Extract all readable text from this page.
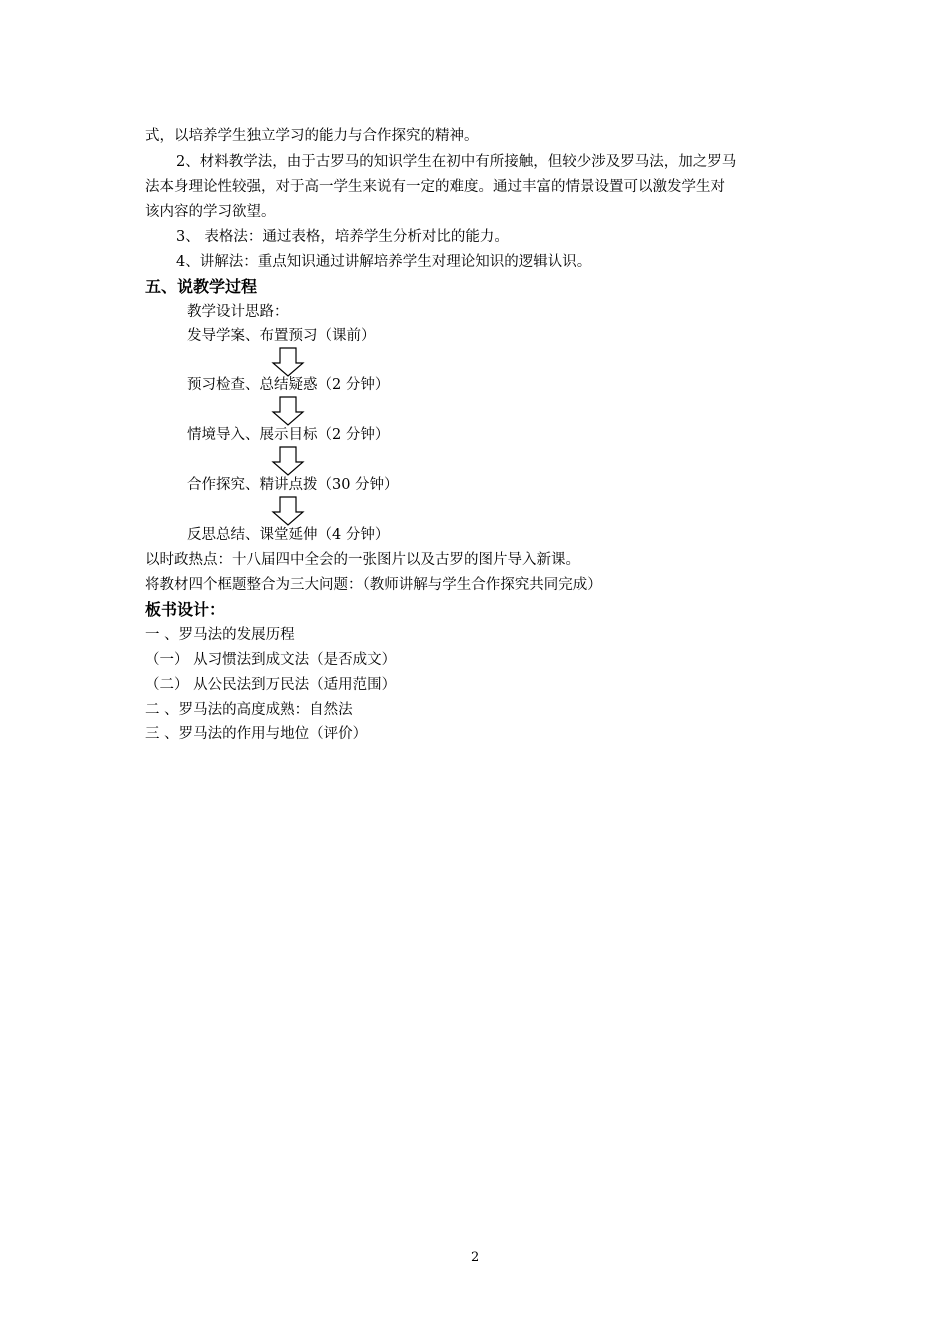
式，以培养学生独立学习的能力与合作探究的精神。
2、材料教学法，由于古罗马的知识学生在初中有所接触，但较少涉及罗马法，加之罗马
法本身理论性较强，对于高一学生来说有一定的难度。通过丰富的情景设置可以激发学生对
该内容的学习欲望。
3、 表格法：通过表格，培养学生分析对比的能力。
4、讲解法：重点知识通过讲解培养学生对理论知识的逻辑认识。
五、说教学过程
教学设计思路：
发导学案、布置预习（课前）
预习检查、总结疑惑（2 分钟）
情境导入、展示目标（2 分钟）
合作探究、精讲点拨（30 分钟）
反思总结、课堂延伸（4 分钟）
以时政热点：十八届四中全会的一张图片以及古罗的图片导入新课。
将教材四个框题整合为三大问题：（教师讲解与学生合作探究共同完成）
板书设计：
一 、罗马法的发展历程
（一） 从习惯法到成文法（是否成文）
（二） 从公民法到万民法（适用范围）
二 、罗马法的高度成熟：自然法
三 、罗马法的作用与地位（评价）
2
